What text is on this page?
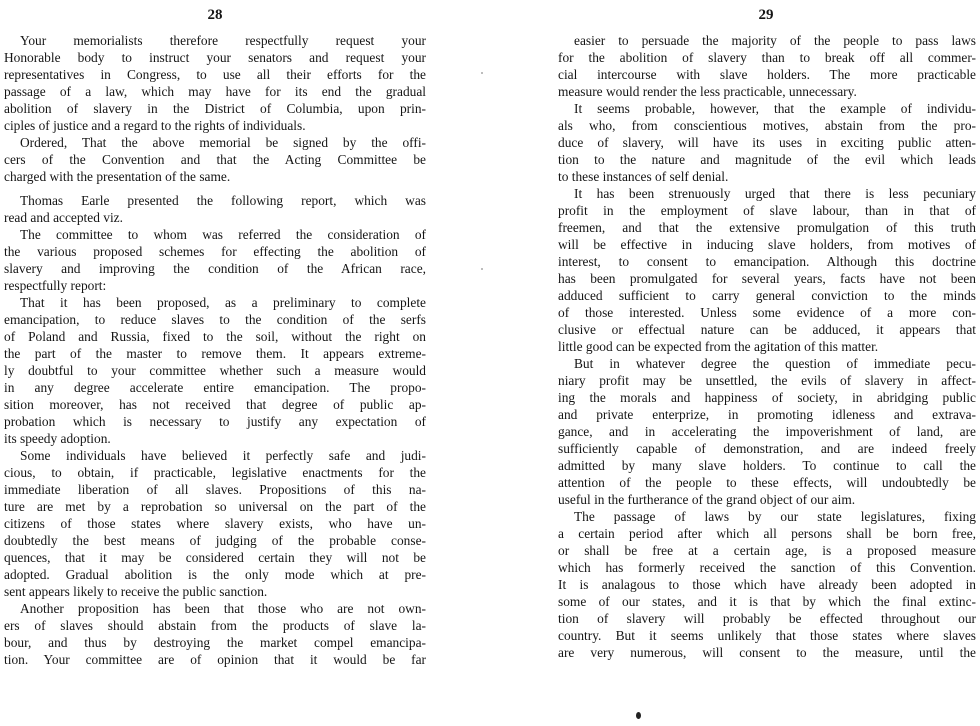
28
Your memorialists therefore respectfully request your
Honorable body to instruct your senators and request your
representatives in Congress, to use all their efforts for the
passage of a law, which may have for its end the gradual
abolition of slavery in the District of Columbia, upon prin-
ciples of justice and a regard to the rights of individuals.
Ordered, That the above memorial be signed by the offi-
cers of the Convention and that the Acting Committee be
charged with the presentation of the same.
Thomas Earle presented the following report, which was
read and accepted viz.
The committee to whom was referred the consideration of
the various proposed schemes for effecting the abolition of
slavery and improving the condition of the African race,
respectfully report:
That it has been proposed, as a preliminary to complete
emancipation, to reduce slaves to the condition of the serfs
of Poland and Russia, fixed to the soil, without the right on
the part of the master to remove them. It appears extreme-
ly doubtful to your committee whether such a measure would
in any degree accelerate entire emancipation. The propo-
sition moreover, has not received that degree of public ap-
probation which is necessary to justify any expectation of
its speedy adoption.
Some individuals have believed it perfectly safe and judi-
cious, to obtain, if practicable, legislative enactments for the
immediate liberation of all slaves. Propositions of this na-
ture are met by a reprobation so universal on the part of the
citizens of those states where slavery exists, who have un-
doubtedly the best means of judging of the probable conse-
quences, that it may be considered certain they will not be
adopted. Gradual abolition is the only mode which at pre-
sent appears likely to receive the public sanction.
Another proposition has been that those who are not own-
ers of slaves should abstain from the products of slave la-
bour, and thus by destroying the market compel emancipa-
tion. Your committee are of opinion that it would be far
29
easier to persuade the majority of the people to pass laws
for the abolition of slavery than to break off all commer-
cial intercourse with slave holders. The more practicable
measure would render the less practicable, unnecessary.
It seems probable, however, that the example of individu-
als who, from conscientious motives, abstain from the pro-
duce of slavery, will have its uses in exciting public atten-
tion to the nature and magnitude of the evil which leads
to these instances of self denial.
It has been strenuously urged that there is less pecuniary
profit in the employment of slave labour, than in that of
freemen, and that the extensive promulgation of this truth
will be effective in inducing slave holders, from motives of
interest, to consent to emancipation. Although this doctrine
has been promulgated for several years, facts have not been
adduced sufficient to carry general conviction to the minds
of those interested. Unless some evidence of a more con-
clusive or effectual nature can be adduced, it appears that
little good can be expected from the agitation of this matter.
But in whatever degree the question of immediate pecu-
niary profit may be unsettled, the evils of slavery in affect-
ing the morals and happiness of society, in abridging public
and private enterprize, in promoting idleness and extrava-
gance, and in accelerating the impoverishment of land, are
sufficiently capable of demonstration, and are indeed freely
admitted by many slave holders. To continue to call the
attention of the people to these effects, will undoubtedly be
useful in the furtherance of the grand object of our aim.
The passage of laws by our state legislatures, fixing
a certain period after which all persons shall be born free,
or shall be free at a certain age, is a proposed measure
which has formerly received the sanction of this Convention.
It is analagous to those which have already been adopted in
some of our states, and it is that by which the final extinc-
tion of slavery will probably be effected throughout our
country. But it seems unlikely that those states where slaves
are very numerous, will consent to the measure, until the
